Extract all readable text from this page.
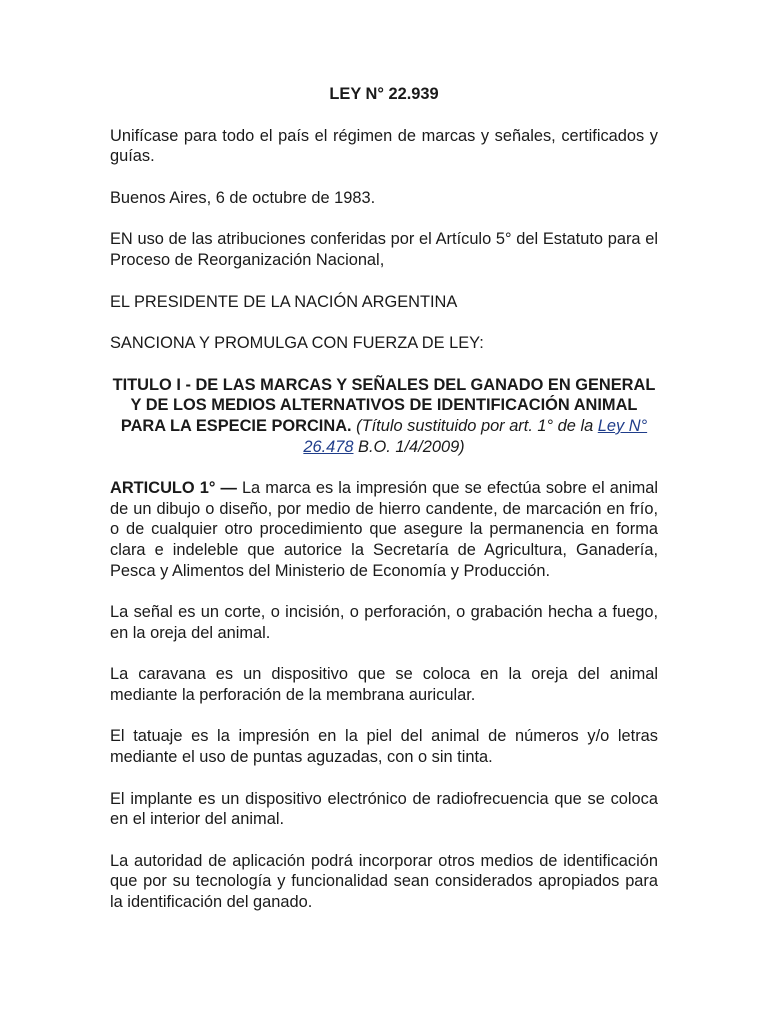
LEY N° 22.939

Unifícase para todo el país el régimen de marcas y señales, certificados y guías.

Buenos Aires, 6 de octubre de 1983.

EN uso de las atribuciones conferidas por el Artículo 5° del Estatuto para el Proceso de Reorganización Nacional,

EL PRESIDENTE DE LA NACIÓN ARGENTINA

SANCIONA Y PROMULGA CON FUERZA DE LEY:

TITULO I - DE LAS MARCAS Y SEÑALES DEL GANADO EN GENERAL Y DE LOS MEDIOS ALTERNATIVOS DE IDENTIFICACIÓN ANIMAL PARA LA ESPECIE PORCINA. (Título sustituido por art. 1° de la Ley N° 26.478 B.O. 1/4/2009)

ARTICULO 1° — La marca es la impresión que se efectúa sobre el animal de un dibujo o diseño, por medio de hierro candente, de marcación en frío, o de cualquier otro procedimiento que asegure la permanencia en forma clara e indeleble que autorice la Secretaría de Agricultura, Ganadería, Pesca y Alimentos del Ministerio de Economía y Producción.

La señal es un corte, o incisión, o perforación, o grabación hecha a fuego, en la oreja del animal.

La caravana es un dispositivo que se coloca en la oreja del animal mediante la perforación de la membrana auricular.

El tatuaje es la impresión en la piel del animal de números y/o letras mediante el uso de puntas aguzadas, con o sin tinta.

El implante es un dispositivo electrónico de radiofrecuencia que se coloca en el interior del animal.

La autoridad de aplicación podrá incorporar otros medios de identificación que por su tecnología y funcionalidad sean considerados apropiados para la identificación del ganado.
